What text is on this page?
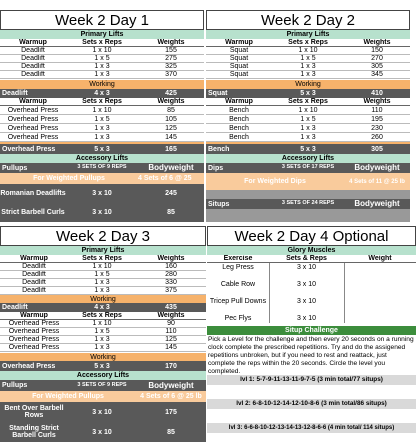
Week 2 Day 1
Primary Lifts
Warmup	Sets x Reps	Weights
Deadlift	1 x 10	155
Deadlift	1 x 5	275
Deadlift	1 x 3	325
Deadlift	1 x 3	370
Working
Deadlift	4 x 3	425
Warmup	Sets x Reps	Weights
Overhead Press	1 x 10	85
Overhead Press	1 x 5	105
Overhead Press	1 x 3	125
Overhead Press	1 x 3	145
Overhead Press	5 x 3	165
Accessory Lifts
Pullups	3 SETS OF 9 REPS	Bodyweight
For Weighted Pullups	4 Sets of 6 @ 25
Romanian Deadlifts	3 x 10	245
Strict Barbell Curls	3 x 10	85
Week 2 Day 2
Primary Lifts
Warmup	Sets x Reps	Weights
Squat	1 x 10	150
Squat	1 x 5	270
Squat	1 x 3	305
Squat	1 x 3	345
Working
Squat	5 x 3	410
Warmup	Sets x Reps	Weights
Bench	1 x 10	110
Bench	1 x 5	195
Bench	1 x 3	230
Bench	1 x 3	260
Bench	5 x 3	305
Accessory Lifts
Dips	3 SETS OF 17 REPS	Bodyweight
For Weighted Dips	4 Sets of 11 @ 25 lb
Situps	3 SETS OF 24 REPS	Bodyweight
Week 2 Day 3
Primary Lifts
Warmup	Sets x Reps	Weights
Deadlift	1 x 10	160
Deadlift	1 x 5	280
Deadlift	1 x 3	330
Deadlift	1 x 3	375
Working
Deadlift	4 x 3	435
Warmup	Sets x Reps	Weights
Overhead Press	1 x 10	90
Overhead Press	1 x 5	110
Overhead Press	1 x 3	125
Overhead Press	1 x 3	145
Working
Overhead Press	5 x 3	170
Accessory Lifts
Pullups	3 SETS OF 9 REPS	Bodyweight
For Weighted Pullups	4 Sets of 6 @ 25 lb
Bent Over Barbell Rows	3 x 10	175
Standing Strict Barbell Curls	3 x 10	85
Week 2 Day 4 Optional
Glory Muscles
Exercise	Sets & Reps	Weight
Leg Press	3 x 10
Cable Row	3 x 10
Tricep Pull Downs	3 x 10
Pec Flys	3 x 10
Situp Challenge
Pick a Level for the challenge and then every 20 seconds on a running clock complete the prescribed repetitions. Try and do the assigened repetitions unbroken, but if you need to rest and reattack, just complete the reps within the 20 seconds. Circle the level you completed.
lvl 1: 5-7-9-11-13-11-9-7-5 (3 min total/77 situps)
lvl 2: 6-8-10-12-14-12-10-8-6 (3 min total/86 situps)
lvl 3: 6-6-8-10-12-13-14-13-12-8-6-6 (4 min total/ 114 situps)
